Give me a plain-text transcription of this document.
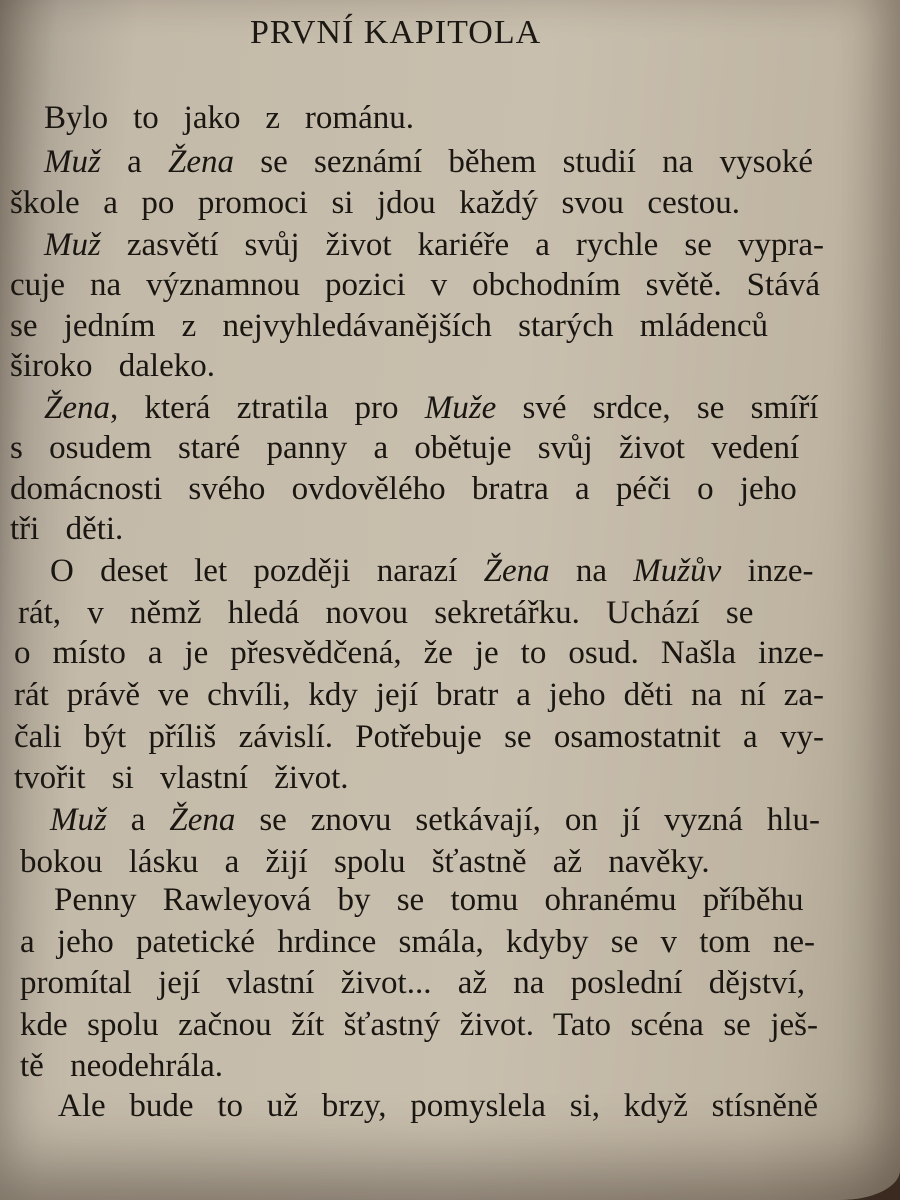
PRVNÍ KAPITOLA
Bylo to jako z románu.
Muž a Žena se seznámí během studií na vysoké
škole a po promoci si jdou každý svou cestou.
Muž zasvětí svůj život kariéře a rychle se vypra-
cuje na významnou pozici v obchodním světě. Stává
se jedním z nejvyhledávanějších starých mládenců
široko daleko.
Žena, která ztratila pro Muže své srdce, se smíří
s osudem staré panny a obětuje svůj život vedení
domácnosti svého ovdovělého bratra a péči o jeho
tři děti.
O deset let později narazí Žena na Mužův inze-
rát, v němž hledá novou sekretářku. Uchází se
o místo a je přesvědčená, že je to osud. Našla inze-
rát právě ve chvíli, kdy její bratr a jeho děti na ní za-
čali být příliš závislí. Potřebuje se osamostatnit a vy-
tvořit si vlastní život.
Muž a Žena se znovu setkávají, on jí vyzná hlu-
bokou lásku a žijí spolu šťastně až navěky.
Penny Rawleyová by se tomu ohranému příběhu
a jeho patetické hrdince smála, kdyby se v tom ne-
promítal její vlastní život... až na poslední dějství,
kde spolu začnou žít šťastný život. Tato scéna se ješ-
tě neodehrála.
Ale bude to už brzy, pomyslela si, když stísněně
